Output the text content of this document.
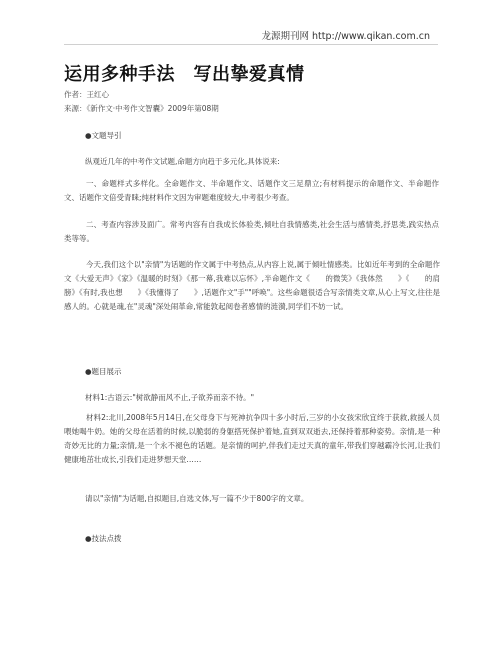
龙源期刊网 http://www.qikan.com.cn
运用多种手法　写出挚爱真情
作者：王红心
来源：《新作文·中考作文智囊》2009年第08期
●文题导引
纵观近几年的中考作文试题,命题方向趋于多元化,具体说来:
一、命题样式多样化。全命题作文、半命题作文、话题作文三足鼎立;有材料提示的命题作文、半命题作文、话题作文倍受青睐;纯材料作文因为审题难度较大,中考很少考查。
二、考查内容涉及面广。常考内容有自我成长体验类,倾吐自我情感类,社会生活与感情类,抒思类,践实热点类等等。
今天,我们这个以"亲情"为话题的作文属于中考热点,从内容上说,属于倾吐情感类。比如近年考到的全命题作文《大爱无声》《家》《温暖的时刻》《那一幕,我难以忘怀》,半命题作文《　　的微笑》《我体然　　》《　　的肩膀》《有时,我也想　　》《我懂得了　　》,话题作文"手""呼唤"。这些命题很适合写亲情类文章,从心上写文,往往是感人的。心就是魂,在"灵魂"深处闹革命,常能敦起阅卷者感情的涟漪,同学们不妨一试。
●题目展示
材料1:古语云:"树欲静而风不止,子欲养而亲不待。"
材料2:北川,2008年5月14日,在父母身下与死神抗争四十多小时后,三岁的小女孩宋欣宜终于获救,救援人员喂她喝牛奶。她的父母在活着的时候,以脆弱的身躯搭死保护着她,直到双双逝去,还保持着那种姿势。亲情,是一种奇妙无比的力量;亲情,是一个永不褪色的话题。是亲情的呵护,伴我们走过天真的童年,带我们穿越霸冷长河,让我们健康地茁壮成长,引我们走进梦想天堂……
请以"亲情"为话题,自拟题目,自选文体,写一篇不少于800字的文章。
●技法点拨
